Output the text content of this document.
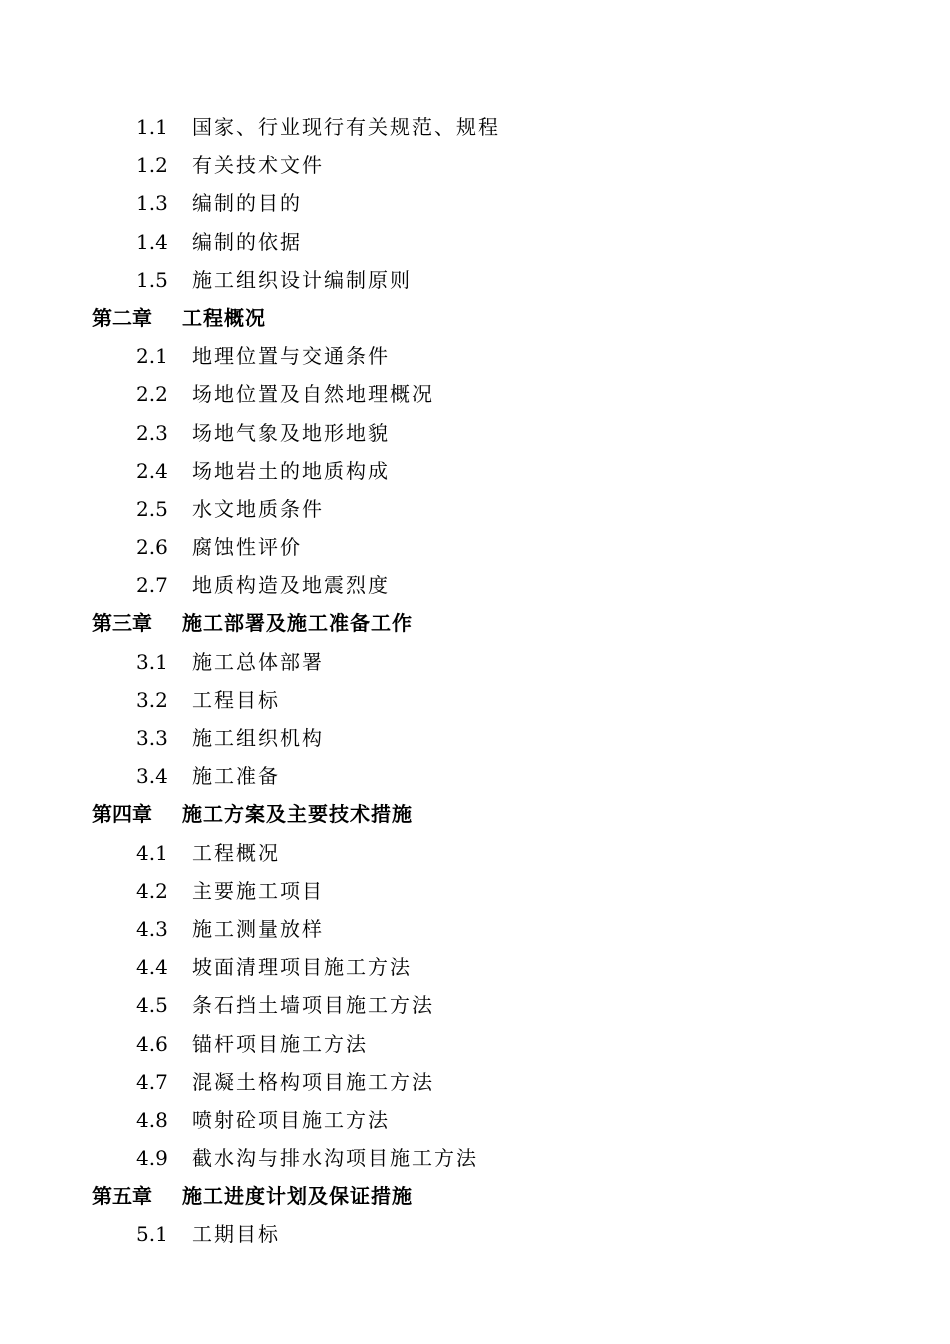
1.1 国家、行业现行有关规范、规程
1.2 有关技术文件
1.3 编制的目的
1.4 编制的依据
1.5 施工组织设计编制原则
第二章 工程概况
2.1 地理位置与交通条件
2.2 场地位置及自然地理概况
2.3 场地气象及地形地貌
2.4 场地岩土的地质构成
2.5 水文地质条件
2.6 腐蚀性评价
2.7 地质构造及地震烈度
第三章 施工部署及施工准备工作
3.1 施工总体部署
3.2 工程目标
3.3 施工组织机构
3.4 施工准备
第四章 施工方案及主要技术措施
4.1 工程概况
4.2 主要施工项目
4.3 施工测量放样
4.4 坡面清理项目施工方法
4.5 条石挡土墙项目施工方法
4.6 锚杆项目施工方法
4.7 混凝土格构项目施工方法
4.8 喷射砼项目施工方法
4.9 截水沟与排水沟项目施工方法
第五章 施工进度计划及保证措施
5.1 工期目标
